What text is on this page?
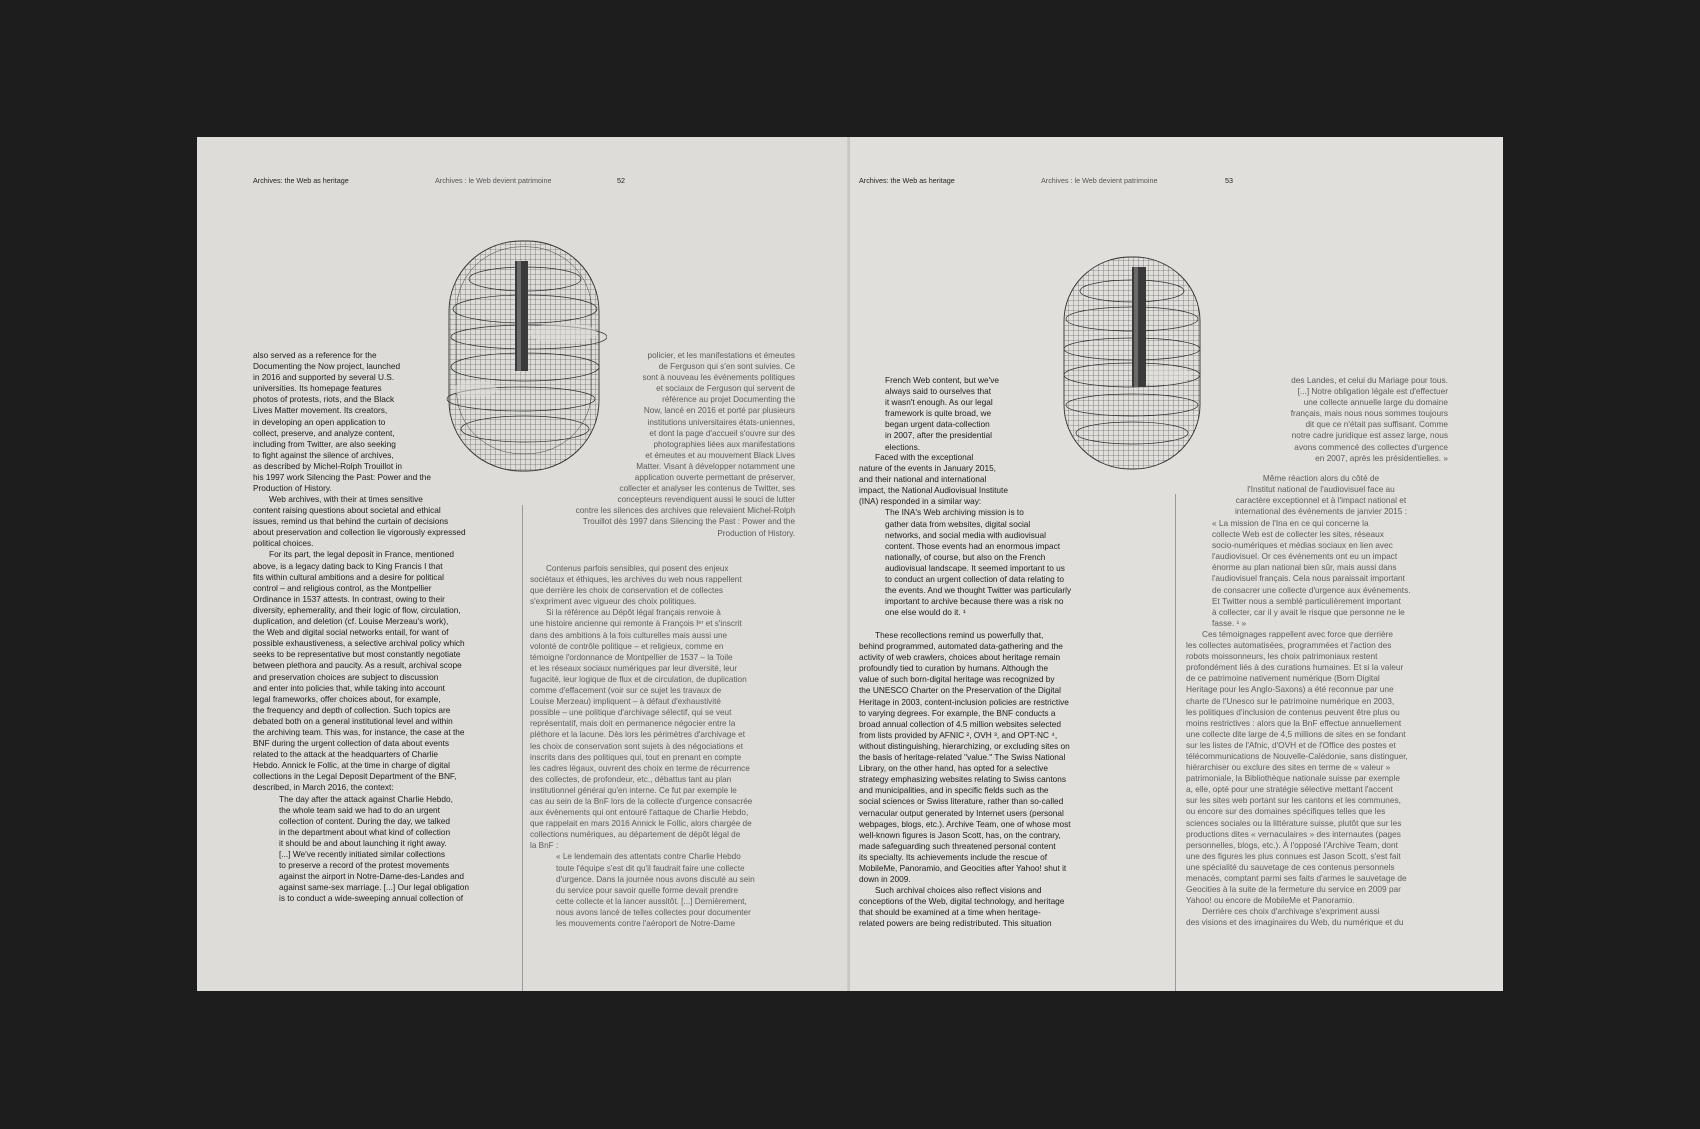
Archives: the Web as heritage	Archives : le Web devient patrimoine	52

also served as a reference for the
Documenting the Now project, launched
in 2016 and supported by several U.S.
universities. Its homepage features
photos of protests, riots, and the Black
Lives Matter movement. Its creators,
in developing an open application to
collect, preserve, and analyze content,
including from Twitter, are also seeking
to fight against the silence of archives,
as described by Michel-Rolph Trouillot in
his 1997 work Silencing the Past: Power and the
Production of History.

Web archives, with their at times sensitive
content raising questions about societal and ethical
issues, remind us that behind the curtain of decisions
about preservation and collection lie vigorously expressed
political choices.

For its part, the legal deposit in France, mentioned
above, is a legacy dating back to King Francis I that
fits within cultural ambitions and a desire for political
control – and religious control, as the Montpellier
Ordinance in 1537 attests. In contrast, owing to their
diversity, ephemerality, and their logic of flow, circulation,
duplication, and deletion (cf. Louise Merzeau's work),
the Web and digital social networks entail, for want of
possible exhaustiveness, a selective archival policy which
seeks to be representative but most constantly negotiate
between plethora and paucity. As a result, archival scope
and preservation choices are subject to discussion
and enter into policies that, while taking into account
legal frameworks, offer choices about, for example,
the frequency and depth of collection. Such topics are
debated both on a general institutional level and within
the archiving team. This was, for instance, the case at the
BNF during the urgent collection of data about events
related to the attack at the headquarters of Charlie
Hebdo. Annick le Follic, at the time in charge of digital
collections in the Legal Deposit Department of the BNF,
described, in March 2016, the context:

The day after the attack against Charlie Hebdo,
the whole team said we had to do an urgent
collection of content. During the day, we talked
in the department about what kind of collection
it should be and about launching it right away.
[...] We've recently initiated similar collections
to preserve a record of the protest movements
against the airport in Notre-Dame-des-Landes and
against same-sex marriage. [...] Our legal obligation
is to conduct a wide-sweeping annual collection of

policier, et les manifestations et émeutes
de Ferguson qui s'en sont suivies. Ce
sont à nouveau les événements politiques
et sociaux de Ferguson qui servent de
référence au projet Documenting the
Now, lancé en 2016 et porté par plusieurs
institutions universitaires états-uniennes,
et dont la page d'accueil s'ouvre sur des
photographies liées aux manifestations
et émeutes et au mouvement Black Lives
Matter. Visant à développer notamment une
application ouverte permettant de préserver,
collecter et analyser les contenus de Twitter, ses
concepteurs revendiquent aussi le souci de lutter
contre les silences des archives que relevaient Michel-Rolph
Trouillot dès 1997 dans Silencing the Past : Power and the
Production of History.

Contenus parfois sensibles, qui posent des enjeux
sociétaux et éthiques, les archives du web nous rappellent
que derrière les choix de conservation et de collectes
s'expriment avec vigueur des choix politiques.

Si la référence au Dépôt légal français renvoie à
une histoire ancienne qui remonte à François Iᵉʳ et s'inscrit
dans des ambitions à la fois culturelles mais aussi une
volonté de contrôle politique – et religieux, comme en
témoigne l'ordonnance de Montpellier de 1537 – la Toile
et les réseaux sociaux numériques par leur diversité, leur
fugacité, leur logique de flux et de circulation, de duplication
comme d'effacement (voir sur ce sujet les travaux de
Louise Merzeau) impliquent – à défaut d'exhaustivité
possible – une politique d'archivage sélectif, qui se veut
représentatif, mais doit en permanence négocier entre la
pléthore et la lacune. Dès lors les périmètres d'archivage et
les choix de conservation sont sujets à des négociations et
inscrits dans des politiques qui, tout en prenant en compte
les cadres légaux, ouvrent des choix en terme de récurrence
des collectes, de profondeur, etc., débattus tant au plan
institutionnel général qu'en interne. Ce fut par exemple le
cas au sein de la BnF lors de la collecte d'urgence consacrée
aux évènements qui ont entouré l'attaque de Charlie Hebdo,
que rappelait en mars 2016 Annick le Follic, alors chargée de
collections numériques, au département de dépôt légal de
la BnF :

« Le lendemain des attentats contre Charlie Hebdo
toute l'équipe s'est dit qu'il faudrait faire une collecte
d'urgence. Dans la journée nous avons discuté au sein
du service pour savoir quelle forme devait prendre
cette collecte et la lancer aussitôt. [...] Dernièrement,
nous avons lancé de telles collectes pour documenter
les mouvements contre l'aéroport de Notre-Dame

Archives: the Web as heritage	Archives : le Web devient patrimoine	53

French Web content, but we've
always said to ourselves that
it wasn't enough. As our legal
framework is quite broad, we
began urgent data-collection
in 2007, after the presidential
elections.

Faced with the exceptional
nature of the events in January 2015,
and their national and international
impact, the National Audiovisual Institute
(INA) responded in a similar way:

The INA's Web archiving mission is to
gather data from websites, digital social
networks, and social media with audiovisual
content. Those events had an enormous impact
nationally, of course, but also on the French
audiovisual landscape. It seemed important to us
to conduct an urgent collection of data relating to
the events. And we thought Twitter was particularly
important to archive because there was a risk no
one else would do it. ¹

These recollections remind us powerfully that,
behind programmed, automated data-gathering and the
activity of web crawlers, choices about heritage remain
profoundly tied to curation by humans. Although the
value of such born-digital heritage was recognized by
the UNESCO Charter on the Preservation of the Digital
Heritage in 2003, content-inclusion policies are restrictive
to varying degrees. For example, the BNF conducts a
broad annual collection of 4.5 million websites selected
from lists provided by AFNIC ², OVH ³, and OPT-NC ⁴,
without distinguishing, hierarchizing, or excluding sites on
the basis of heritage-related "value." The Swiss National
Library, on the other hand, has opted for a selective
strategy emphasizing websites relating to Swiss cantons
and municipalities, and in specific fields such as the
social sciences or Swiss literature, rather than so-called
vernacular output generated by Internet users (personal
webpages, blogs, etc.). Archive Team, one of whose most
well-known figures is Jason Scott, has, on the contrary,
made safeguarding such threatened personal content
its specialty. Its achievements include the rescue of
MobileMe, Panoramio, and Geocities after Yahoo! shut it
down in 2009.

Such archival choices also reflect visions and
conceptions of the Web, digital technology, and heritage
that should be examined at a time when heritage-
related powers are being redistributed. This situation

des Landes, et celui du Mariage pour tous.
[...] Notre obligation légale est d'effectuer
une collecte annuelle large du domaine
français, mais nous nous sommes toujours
dit que ce n'était pas suffisant. Comme
notre cadre juridique est assez large, nous
avons commencé des collectes d'urgence
en 2007, après les présidentielles. »

Même réaction alors du côté de
l'Institut national de l'audiovisuel face au
caractère exceptionnel et à l'impact national et
international des événements de janvier 2015 :

« La mission de l'Ina en ce qui concerne la
collecte Web est de collecter les sites, réseaux
socio-numériques et médias sociaux en lien avec
l'audiovisuel. Or ces événements ont eu un impact
énorme au plan national bien sûr, mais aussi dans
l'audiovisuel français. Cela nous paraissait important
de consacrer une collecte d'urgence aux événements.
Et Twitter nous a semblé particulièrement important
à collecter, car il y avait le risque que personne ne le
fasse. ¹ »

Ces témoignages rappellent avec force que derrière
les collectes automatisées, programmées et l'action des
robots moissonneurs, les choix patrimoniaux restent
profondément liés à des curations humaines. Et si la valeur
de ce patrimoine nativement numérique (Born Digital
Heritage pour les Anglo-Saxons) a été reconnue par une
charte de l'Unesco sur le patrimoine numérique en 2003,
les politiques d'inclusion de contenus peuvent être plus ou
moins restrictives : alors que la BnF effectue annuellement
une collecte dite large de 4,5 millions de sites en se fondant
sur les listes de l'Afnic, d'OVH et de l'Office des postes et
télécommunications de Nouvelle-Calédonie, sans distinguer,
hiérarchiser ou exclure des sites en terme de « valeur »
patrimoniale, la Bibliothèque nationale suisse par exemple
a, elle, opté pour une stratégie sélective mettant l'accent
sur les sites web portant sur les cantons et les communes,
ou encore sur des domaines spécifiques telles que les
sciences sociales ou la littérature suisse, plutôt que sur les
productions dites « vernaculaires » des internautes (pages
personnelles, blogs, etc.). À l'opposé l'Archive Team, dont
une des figures les plus connues est Jason Scott, s'est fait
une spécialité du sauvetage de ces contenus personnels
menacés, comptant parmi ses faits d'armes le sauvetage de
Geocities à la suite de la fermeture du service en 2009 par
Yahoo! ou encore de MobileMe et Panoramio.

Derrière ces choix d'archivage s'expriment aussi
des visions et des imaginaires du Web, du numérique et du
